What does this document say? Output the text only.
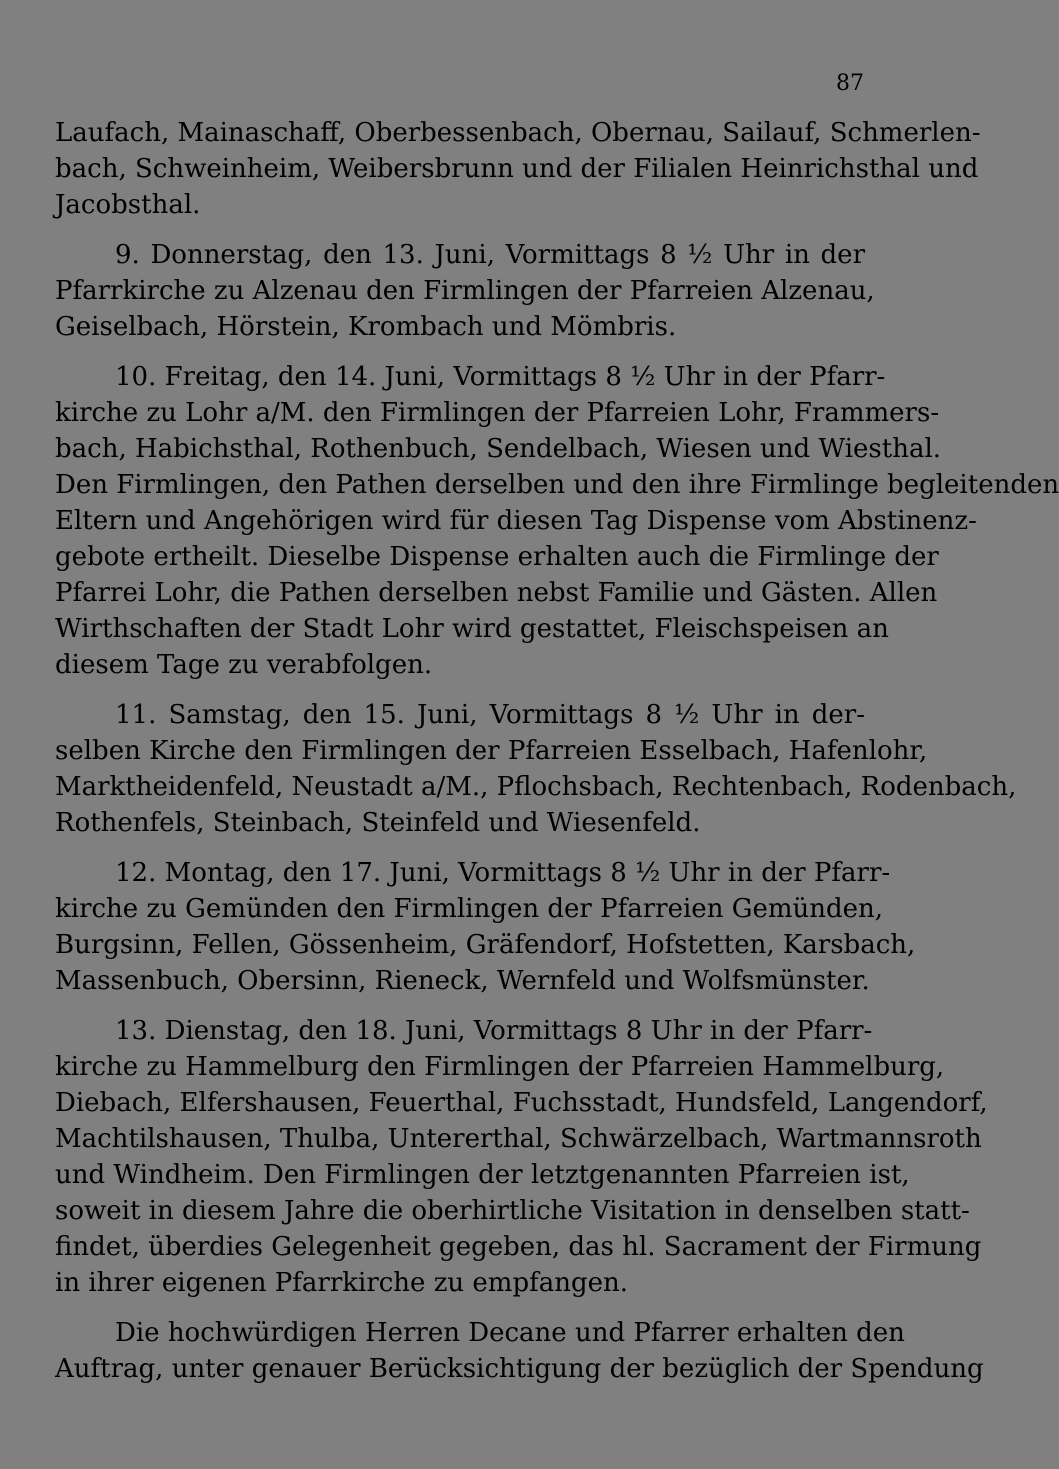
87
Laufach, Mainaschaff, Oberbessenbach, Obernau, Sailauf, Schmerlen-
bach, Schweinheim, Weibersbrunn und der Filialen Heinrichsthal und
Jacobsthal.
9. Donnerstag, den 13. Juni, Vormittags 8 ½ Uhr in der
Pfarrkirche zu Alzenau den Firmlingen der Pfarreien Alzenau,
Geiselbach, Hörstein, Krombach und Mömbris.
10. Freitag, den 14. Juni, Vormittags 8 ½ Uhr in der Pfarr-
kirche zu Lohr a/M. den Firmlingen der Pfarreien Lohr, Frammers-
bach, Habichsthal, Rothenbuch, Sendelbach, Wiesen und Wiesthal.
Den Firmlingen, den Pathen derselben und den ihre Firmlinge begleitenden
Eltern und Angehörigen wird für diesen Tag Dispense vom Abstinenz-
gebote ertheilt. Dieselbe Dispense erhalten auch die Firmlinge der
Pfarrei Lohr, die Pathen derselben nebst Familie und Gästen. Allen
Wirthschaften der Stadt Lohr wird gestattet, Fleischspeisen an
diesem Tage zu verabfolgen.
11. Samstag, den 15. Juni, Vormittags 8 ½ Uhr in der-
selben Kirche den Firmlingen der Pfarreien Esselbach, Hafenlohr,
Marktheidenfeld, Neustadt a/M., Pflochsbach, Rechtenbach, Rodenbach,
Rothenfels, Steinbach, Steinfeld und Wiesenfeld.
12. Montag, den 17. Juni, Vormittags 8 ½ Uhr in der Pfarr-
kirche zu Gemünden den Firmlingen der Pfarreien Gemünden,
Burgsinn, Fellen, Gössenheim, Gräfendorf, Hofstetten, Karsbach,
Massenbuch, Obersinn, Rieneck, Wernfeld und Wolfsmünster.
13. Dienstag, den 18. Juni, Vormittags 8 Uhr in der Pfarr-
kirche zu Hammelburg den Firmlingen der Pfarreien Hammelburg,
Diebach, Elfershausen, Feuerthal, Fuchsstadt, Hundsfeld, Langendorf,
Machtilshausen, Thulba, Untererthal, Schwärzelbach, Wartmannsroth
und Windheim. Den Firmlingen der letztgenannten Pfarreien ist,
soweit in diesem Jahre die oberhirtliche Visitation in denselben statt-
findet, überdies Gelegenheit gegeben, das hl. Sacrament der Firmung
in ihrer eigenen Pfarrkirche zu empfangen.
Die hochwürdigen Herren Decane und Pfarrer erhalten den
Auftrag, unter genauer Berücksichtigung der bezüglich der Spendung
